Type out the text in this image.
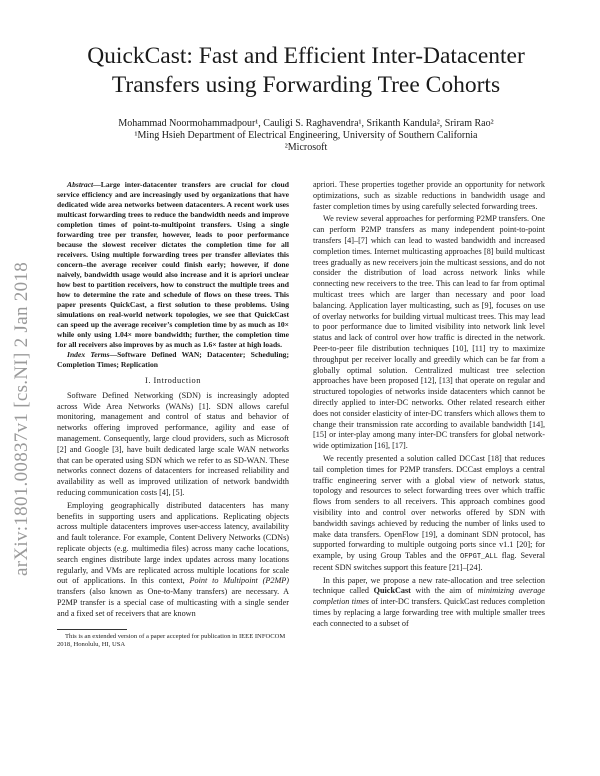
arXiv:1801.00837v1 [cs.NI] 2 Jan 2018
QuickCast: Fast and Efficient Inter-Datacenter
Transfers using Forwarding Tree Cohorts
Mohammad Noormohammadpour¹, Cauligi S. Raghavendra¹, Srikanth Kandula², Sriram Rao²
¹Ming Hsieh Department of Electrical Engineering, University of Southern California
²Microsoft

Abstract—Large inter-datacenter transfers are crucial for cloud service efficiency and are increasingly used by organizations that have dedicated wide area networks between datacenters. A recent work uses multicast forwarding trees to reduce the bandwidth needs and improve completion times of point-to-multipoint transfers. Using a single forwarding tree per transfer, however, leads to poor performance because the slowest receiver dictates the completion time for all receivers. Using multiple forwarding trees per transfer alleviates this concern–the average receiver could finish early; however, if done naively, bandwidth usage would also increase and it is apriori unclear how best to partition receivers, how to construct the multiple trees and how to determine the rate and schedule of flows on these trees. This paper presents QuickCast, a first solution to these problems. Using simulations on real-world network topologies, we see that QuickCast can speed up the average receiver’s completion time by as much as 10× while only using 1.04× more bandwidth; further, the completion time for all receivers also improves by as much as 1.6× faster at high loads.

Index Terms—Software Defined WAN; Datacenter; Scheduling; Completion Times; Replication

I. Introduction

Software Defined Networking (SDN) is increasingly adopted across Wide Area Networks (WANs) [1]. SDN allows careful monitoring, management and control of status and behavior of networks offering improved performance, agility and ease of management. Consequently, large cloud providers, such as Microsoft [2] and Google [3], have built dedicated large scale WAN networks that can be operated using SDN which we refer to as SD-WAN. These networks connect dozens of datacenters for increased reliability and availability as well as improved utilization of network bandwidth reducing communication costs [4], [5].

Employing geographically distributed datacenters has many benefits in supporting users and applications. Replicating objects across multiple datacenters improves user-access latency, availability and fault tolerance. For example, Content Delivery Networks (CDNs) replicate objects (e.g. multimedia files) across many cache locations, search engines distribute large index updates across many locations regularly, and VMs are replicated across multiple locations for scale out of applications. In this context, Point to Multipoint (P2MP) transfers (also known as One-to-Many transfers) are necessary. A P2MP transfer is a special case of multicasting with a single sender and a fixed set of receivers that are known

This is an extended version of a paper accepted for publication in IEEE INFOCOM 2018, Honolulu, HI, USA

apriori. These properties together provide an opportunity for network optimizations, such as sizable reductions in bandwidth usage and faster completion times by using carefully selected forwarding trees.

We review several approaches for performing P2MP transfers. One can perform P2MP transfers as many independent point-to-point transfers [4]–[7] which can lead to wasted bandwidth and increased completion times. Internet multicasting approaches [8] build multicast trees gradually as new receivers join the multicast sessions, and do not consider the distribution of load across network links while connecting new receivers to the tree. This can lead to far from optimal multicast trees which are larger than necessary and poor load balancing. Application layer multicasting, such as [9], focuses on use of overlay networks for building virtual multicast trees. This may lead to poor performance due to limited visibility into network link level status and lack of control over how traffic is directed in the network. Peer-to-peer file distribution techniques [10], [11] try to maximize throughput per receiver locally and greedily which can be far from a globally optimal solution. Centralized multicast tree selection approaches have been proposed [12], [13] that operate on regular and structured topologies of networks inside datacenters which cannot be directly applied to inter-DC networks. Other related research either does not consider elasticity of inter-DC transfers which allows them to change their transmission rate according to available bandwidth [14], [15] or inter-play among many inter-DC transfers for global network-wide optimization [16], [17].

We recently presented a solution called DCCast [18] that reduces tail completion times for P2MP transfers. DCCast employs a central traffic engineering server with a global view of network status, topology and resources to select forwarding trees over which traffic flows from senders to all receivers. This approach combines good visibility into and control over networks offered by SDN with bandwidth savings achieved by reducing the number of links used to make data transfers. OpenFlow [19], a dominant SDN protocol, has supported forwarding to multiple outgoing ports since v1.1 [20]; for example, by using Group Tables and the OFPGT_ALL flag. Several recent SDN switches support this feature [21]–[24].

In this paper, we propose a new rate-allocation and tree selection technique called QuickCast with the aim of minimizing average completion times of inter-DC transfers. QuickCast reduces completion times by replacing a large forwarding tree with multiple smaller trees each connected to a subset of
